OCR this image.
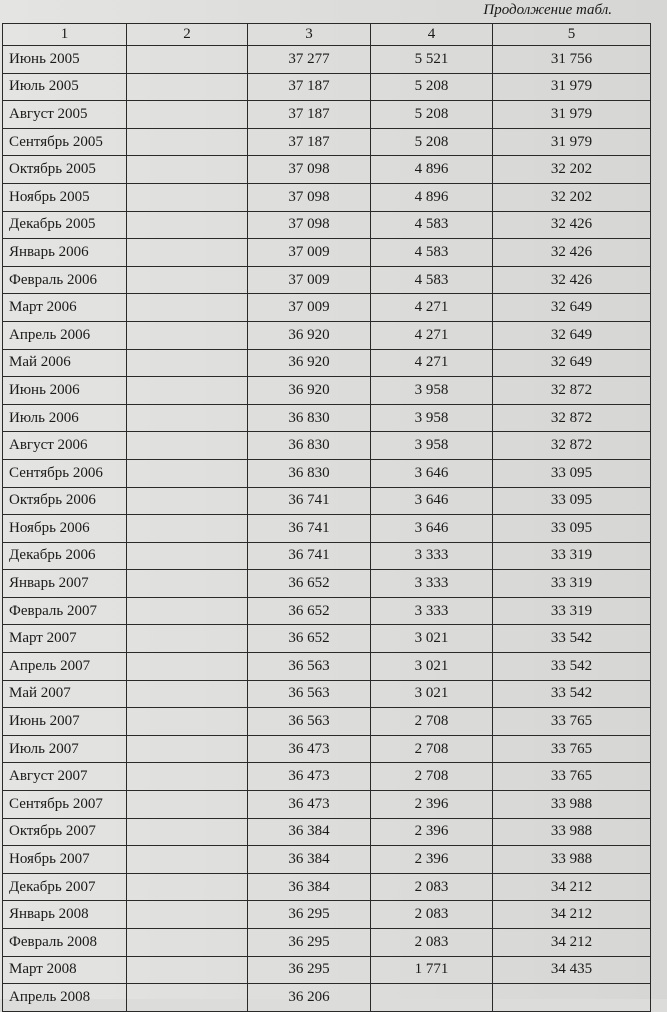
Продолжение табл.
1	2	3	4	5
Июнь 2005		37 277	5 521	31 756
Июль 2005		37 187	5 208	31 979
Август 2005		37 187	5 208	31 979
Сентябрь 2005		37 187	5 208	31 979
Октябрь 2005		37 098	4 896	32 202
Ноябрь 2005		37 098	4 896	32 202
Декабрь 2005		37 098	4 583	32 426
Январь 2006		37 009	4 583	32 426
Февраль 2006		37 009	4 583	32 426
Март 2006		37 009	4 271	32 649
Апрель 2006		36 920	4 271	32 649
Май 2006		36 920	4 271	32 649
Июнь 2006		36 920	3 958	32 872
Июль 2006		36 830	3 958	32 872
Август 2006		36 830	3 958	32 872
Сентябрь 2006		36 830	3 646	33 095
Октябрь 2006		36 741	3 646	33 095
Ноябрь 2006		36 741	3 646	33 095
Декабрь 2006		36 741	3 333	33 319
Январь 2007		36 652	3 333	33 319
Февраль 2007		36 652	3 333	33 319
Март 2007		36 652	3 021	33 542
Апрель 2007		36 563	3 021	33 542
Май 2007		36 563	3 021	33 542
Июнь 2007		36 563	2 708	33 765
Июль 2007		36 473	2 708	33 765
Август 2007		36 473	2 708	33 765
Сентябрь 2007		36 473	2 396	33 988
Октябрь 2007		36 384	2 396	33 988
Ноябрь 2007		36 384	2 396	33 988
Декабрь 2007		36 384	2 083	34 212
Январь 2008		36 295	2 083	34 212
Февраль 2008		36 295	2 083	34 212
Март 2008		36 295	1 771	34 435
Апрель 2008		36 206		
